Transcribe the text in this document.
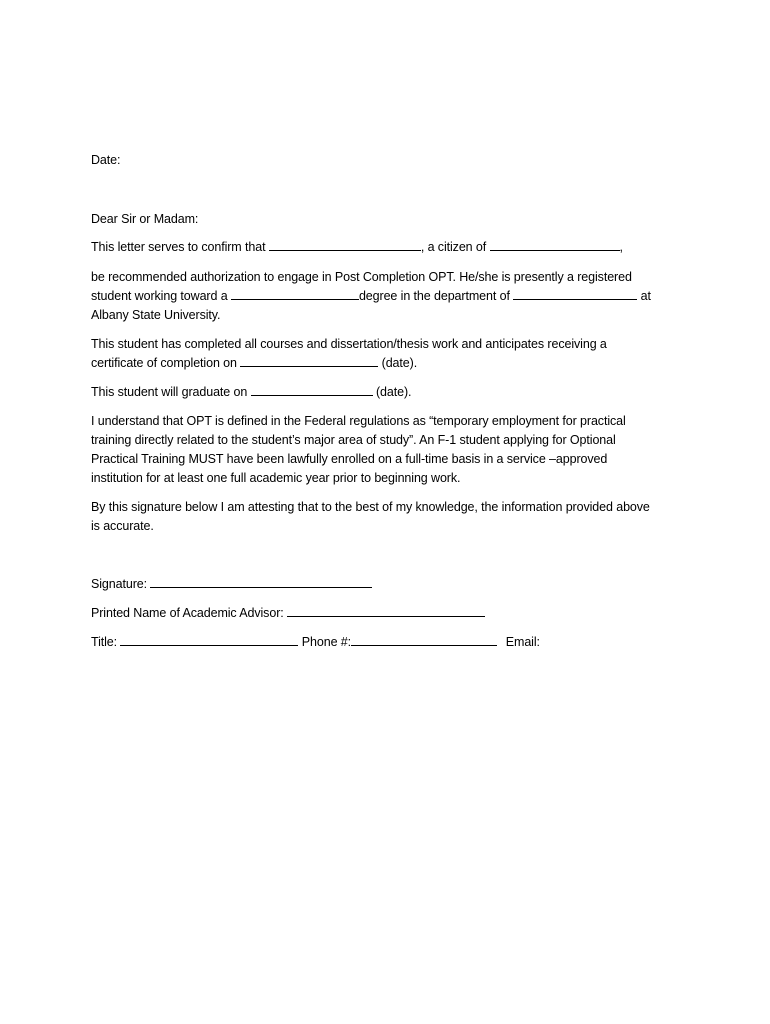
Date:
Dear Sir or Madam:
This letter serves to confirm that	, a citizen of	,
be recommended authorization to engage in Post Completion OPT. He/she is presently a registered
student working toward a	degree in the department of	at
Albany State University.
This student has completed all courses and dissertation/thesis work and anticipates receiving a
certificate of completion on	(date).
This student will graduate on	(date).
I understand that OPT is defined in the Federal regulations as “temporary employment for practical
training directly related to the student’s major area of study”. An F-1 student applying for Optional
Practical Training MUST have been lawfully enrolled on a full-time basis in a service –approved
institution for at least one full academic year prior to beginning work.
By this signature below I am attesting that to the best of my knowledge, the information provided above
is accurate.
Signature:
Printed Name of Academic Advisor:
Title:	Phone #:	Email:
